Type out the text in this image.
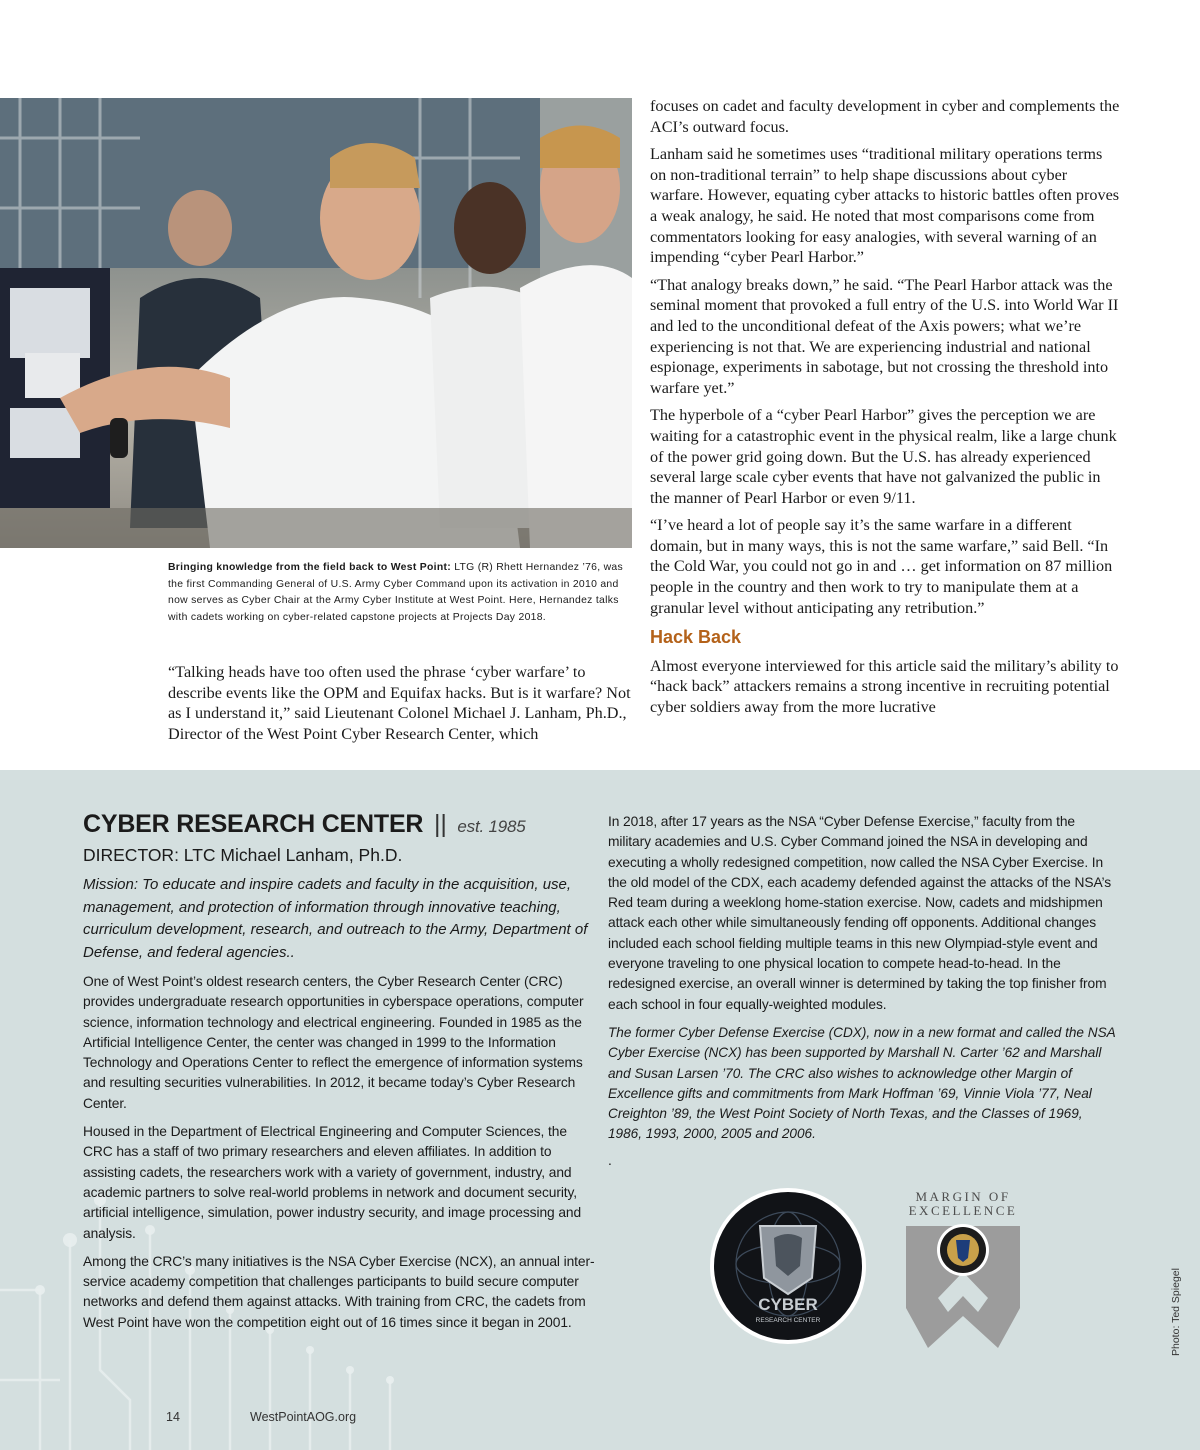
Bringing knowledge from the field back to West Point: LTG (R) Rhett Hernandez ’76, was the first Commanding General of U.S. Army Cyber Command upon its activation in 2010 and now serves as Cyber Chair at the Army Cyber Institute at West Point. Here, Hernandez talks with cadets working on cyber-related capstone projects at Projects Day 2018.

“Talking heads have too often used the phrase ‘cyber warfare’ to describe events like the OPM and Equifax hacks. But is it warfare? Not as I understand it,” said Lieutenant Colonel Michael J. Lanham, Ph.D., Director of the West Point Cyber Research Center, which

focuses on cadet and faculty development in cyber and complements the ACI’s outward focus.

Lanham said he sometimes uses “traditional military operations terms on non-traditional terrain” to help shape discussions about cyber warfare. However, equating cyber attacks to historic battles often proves a weak analogy, he said. He noted that most comparisons come from commentators looking for easy analogies, with several warning of an impending “cyber Pearl Harbor.”

“That analogy breaks down,” he said. “The Pearl Harbor attack was the seminal moment that provoked a full entry of the U.S. into World War II and led to the unconditional defeat of the Axis powers; what we’re experiencing is not that. We are experiencing industrial and national espionage, experiments in sabotage, but not crossing the threshold into warfare yet.”

The hyperbole of a “cyber Pearl Harbor” gives the perception we are waiting for a catastrophic event in the physical realm, like a large chunk of the power grid going down. But the U.S. has already experienced several large scale cyber events that have not galvanized the public in the manner of Pearl Harbor or even 9/11.

“I’ve heard a lot of people say it’s the same warfare in a different domain, but in many ways, this is not the same warfare,” said Bell. “In the Cold War, you could not go in and … get information on 87 million people in the country and then work to try to manipulate them at a granular level without anticipating any retribution.”

Hack Back

Almost everyone interviewed for this article said the military’s ability to “hack back” attackers remains a strong incentive in recruiting potential cyber soldiers away from the more lucrative

CYBER RESEARCH CENTER || est. 1985
DIRECTOR: LTC Michael Lanham, Ph.D.

Mission: To educate and inspire cadets and faculty in the acquisition, use, management, and protection of information through innovative teaching, curriculum development, research, and outreach to the Army, Department of Defense, and federal agencies..

One of West Point’s oldest research centers, the Cyber Research Center (CRC) provides undergraduate research opportunities in cyberspace operations, computer science, information technology and electrical engineering. Founded in 1985 as the Artificial Intelligence Center, the center was changed in 1999 to the Information Technology and Operations Center to reflect the emergence of information systems and resulting securities vulnerabilities. In 2012, it became today’s Cyber Research Center.

Housed in the Department of Electrical Engineering and Computer Sciences, the CRC has a staff of two primary researchers and eleven affiliates. In addition to assisting cadets, the researchers work with a variety of government, industry, and academic partners to solve real-world problems in network and document security, artificial intelligence, simulation, power industry security, and image processing and analysis.

Among the CRC’s many initiatives is the NSA Cyber Exercise (NCX), an annual inter-service academy competition that challenges participants to build secure computer networks and defend them against attacks. With training from CRC, the cadets from West Point have won the competition eight out of 16 times since it began in 2001.

In 2018, after 17 years as the NSA “Cyber Defense Exercise,” faculty from the military academies and U.S. Cyber Command joined the NSA in developing and executing a wholly redesigned competition, now called the NSA Cyber Exercise. In the old model of the CDX, each academy defended against the attacks of the NSA’s Red team during a weeklong home-station exercise. Now, cadets and midshipmen attack each other while simultaneously fending off opponents. Additional changes included each school fielding multiple teams in this new Olympiad-style event and everyone traveling to one physical location to compete head-to-head. In the redesigned exercise, an overall winner is determined by taking the top finisher from each school in four equally-weighted modules.

The former Cyber Defense Exercise (CDX), now in a new format and called the NSA Cyber Exercise (NCX) has been supported by Marshall N. Carter ’62 and Marshall and Susan Larsen ’70. The CRC also wishes to acknowledge other Margin of Excellence gifts and commitments from Mark Hoffman ’69, Vinnie Viola ’77, Neal Creighton ’89, the West Point Society of North Texas, and the Classes of 1969, 1986, 1993, 2000, 2005 and 2006.

.

CYBER
RESEARCH CENTER
MARGIN OF
EXCELLENCE
Photo: Ted Spiegel
14	WestPointAOG.org
